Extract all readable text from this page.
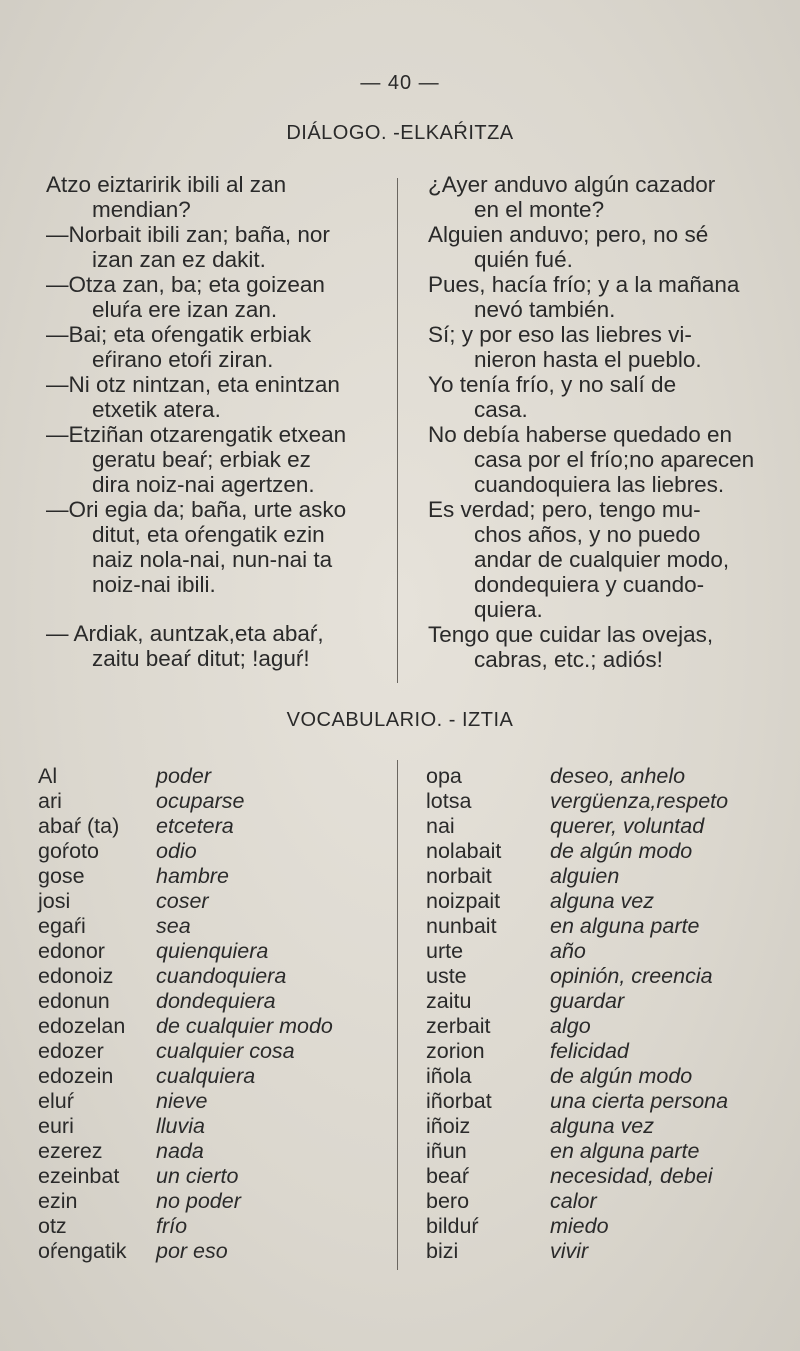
— 40 —
DIÁLOGO. -ELKAŔITZA
Atzo eiztaririk ibili al zan
mendian?
—Norbait ibili zan; baña, nor
izan zan ez dakit.
—Otza zan, ba; eta goizean
eluŕa ere izan zan.
—Bai; eta oŕengatik erbiak
eŕirano etoŕi ziran.
—Ni otz nintzan, eta enintzan
etxetik atera.
—Etziñan otzarengatik etxean
geratu beaŕ; erbiak ez
dira noiz-nai agertzen.
—Ori egia da; baña, urte asko
ditut, eta oŕengatik ezin
naiz nola-nai, nun-nai ta
noiz-nai ibili.
— Ardiak, auntzak,eta abaŕ,
zaitu beaŕ ditut; !aguŕ!
¿Ayer anduvo algún cazador
en el monte?
Alguien anduvo; pero, no sé
quién fué.
Pues, hacía frío; y a la mañana
nevó también.
Sí; y por eso las liebres vi-
nieron hasta el pueblo.
Yo tenía frío, y no salí de
casa.
No debía haberse quedado en
casa por el frío;no aparecen
cuandoquiera las liebres.
Es verdad; pero, tengo mu-
chos años, y no puedo
andar de cualquier modo,
dondequiera y cuando-
quiera.
Tengo que cuidar las ovejas,
cabras, etc.; adiós!
VOCABULARIO. - IZTIA
Al	poder
ari	ocuparse
abaŕ (ta)	etcetera
goŕoto	odio
gose	hambre
josi	coser
egaŕi	sea
edonor	quienquiera
edonoiz	cuandoquiera
edonun	dondequiera
edozelan	de cualquier modo
edozer	cualquier cosa
edozein	cualquiera
eluŕ	nieve
euri	lluvia
ezerez	nada
ezeinbat	un cierto
ezin	no poder
otz	frío
oŕengatik	por eso
opa	deseo, anhelo
lotsa	vergüenza,respeto
nai	querer, voluntad
nolabait	de algún modo
norbait	alguien
noizpait	alguna vez
nunbait	en alguna parte
urte	año
uste	opinión, creencia
zaitu	guardar
zerbait	algo
zorion	felicidad
iñola	de algún modo
iñorbat	una cierta persona
iñoiz	alguna vez
iñun	en alguna parte
beaŕ	necesidad, debei
bero	calor
bilduŕ	miedo
bizi	vivir
